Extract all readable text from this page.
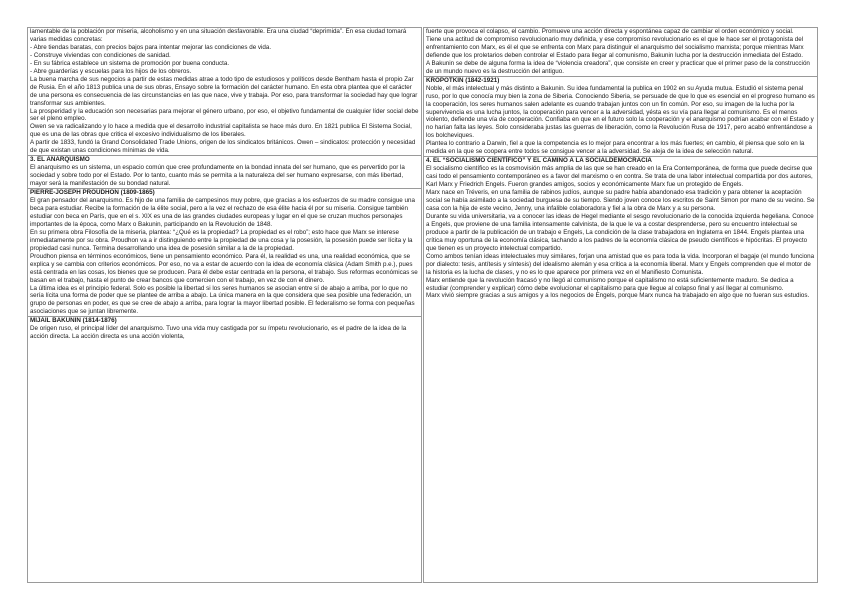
lamentable de la población por miseria, alcoholismo y en una situación desfavorable. Era una ciudad “deprimida”. En esa ciudad tomará varias medidas concretas:

- Abre tiendas baratas, con precios bajos para intentar mejorar las condiciones de vida.

- Construye viviendas con condiciones de sanidad.

- En su fábrica establece un sistema de promoción por buena conducta.

- Abre guarderías y escuelas para los hijos de los obreros.

La buena marcha de sus negocios a partir de estas medidas atrae a todo tipo de estudiosos y políticos desde Bentham hasta el propio Zar de Rusia. En el año 1813 publica una de sus obras, Ensayo sobre la formación del carácter humano. En esta obra plantea que el carácter de una persona es consecuencia de las circunstancias en las que nace, vive y trabaja. Por eso, para transformar la sociedad hay que lograr transformar sus ambientes.

La prosperidad y la educación son necesarias para mejorar el género urbano, por eso, el objetivo fundamental de cualquier líder social debe ser el pleno empleo.

Owen se va radicalizando y lo hace a medida que el desarrollo industrial capitalista se hace más duro. En 1821 publica El Sistema Social, que es una de las obras que critica el excesivo individualismo de los liberales.

A partir de 1833, fundó la Grand Consolidated Trade Unions, origen de los sindicatos británicos. Owen – sindicatos: protección y necesidad de que existan unas condiciones mínimas de vida.

3. EL ANARQUISMO

El anarquismo es un sistema, un espacio común que cree profundamente en la bondad innata del ser humano, que es pervertido por la sociedad y sobre todo por el Estado. Por lo tanto, cuanto más se permita a la naturaleza del ser humano expresarse, con más libertad, mayor será la manifestación de su bondad natural.

PIERRE-JOSEPH PROUDHON (1809-1865)

El gran pensador del anarquismo. Es hijo de una familia de campesinos muy pobre, que gracias a los esfuerzos de su madre consigue una beca para estudiar. Recibe la formación de la élite social, pero a la vez el rechazo de esa élite hacia él por su miseria. Consigue también estudiar con beca en París, que en el s. XIX es una de las grandes ciudades europeas y lugar en el que se cruzan muchos personajes importantes de la época, como Marx o Bakunin, participando en la Revolución de 1848.

En su primera obra Filosofía de la miseria, plantea: “¿Qué es la propiedad? La propiedad es el robo”; esto hace que Marx se interese inmediatamente por su obra. Proudhon va a ir distinguiendo entre la propiedad de una cosa y la posesión, la posesión puede ser lícita y la propiedad casi nunca. Termina desarrollando una idea de posesión similar a la de la propiedad.

Proudhon piensa en términos económicos, tiene un pensamiento económico. Para él, la realidad es una, una realidad económica, que se explica y se cambia con criterios económicos. Por eso, no va a estar de acuerdo con la idea de economía clásica (Adam Smith p.e.), pues está centrada en las cosas, los bienes que se producen. Para él debe estar centrada en la persona, el trabajo. Sus reformas económicas se basan en el trabajo, hasta el punto de crear bancos que comercien con el trabajo, en vez de con el dinero.

La última idea es el principio federal. Solo es posible la libertad si los seres humanos se asocian entre sí de abajo a arriba, por lo que no sería lícita una forma de poder que se plantee de arriba a abajo. La única manera en la que considera que sea posible una federación, un grupo de personas en poder, es que se cree de abajo a arriba, para lograr la mayor libertad posible. El federalismo se forma con pequeñas asociaciones que se juntan libremente.

MIJAIL BAKUNIN (1814-1876)

De origen ruso, el principal líder del anarquismo. Tuvo una vida muy castigada por su ímpetu revolucionario, es el padre de la idea de la acción directa. La acción directa es una acción violenta,

fuerte que provoca el colapso, el cambio. Promueve una acción directa y espontánea capaz de cambiar el orden económico y social.

Tiene una actitud de compromiso revolucionario muy definida, y ese compromiso revolucionario es el que le hace ser el protagonista del enfrentamiento con Marx, es él el que se enfrenta con Marx para distinguir el anarquismo del socialismo marxista; porque mientras Marx defiende que los proletarios deben controlar el Estado para llegar al comunismo, Bakunin lucha por la destrucción inmediata del Estado.

A Bakunin se debe de alguna forma la idea de “violencia creadora”, que consiste en creer y practicar que el primer paso de la construcción de un mundo nuevo es la destrucción del antiguo.

KROPOTKIN (1842-1921)

Noble, el más intelectual y más distinto a Bakunin. Su idea fundamental la publica en 1902 en su Ayuda mutua. Estudió el sistema penal ruso, por lo que conocía muy bien la zona de Siberia. Conociendo Siberia, se persuade de que lo que es esencial en el progreso humano es la cooperación, los seres humanos salen adelante es cuando trabajan juntos con un fin común. Por eso, su imagen de la lucha por la supervivencia es una lucha juntos, la cooperación para vencer a la adversidad, yésta es su vía para llegar al comunismo. Es el menos violento, defiende una vía de cooperación. Confiaba en que en el futuro solo la cooperación y el anarquismo podrían acabar con el Estado y no harían falta las leyes. Solo consideraba justas las guerras de liberación, como la Revolución Rusa de 1917, pero acabó enfrentándose a los bolcheviques.

Plantea lo contrario a Darwin, fiel a que la competencia es lo mejor para encontrar a los más fuertes; en cambio, él piensa que solo en la medida en la que se coopera entre todos se consigue vencer a la adversidad. Se aleja de la idea de selección natural.

4. EL “SOCIALISMO CIENTÍFICO” Y EL CAMINO A LA SOCIALDEMOCRACIA

El socialismo científico es la cosmovisión más amplia de las que se han creado en la Era Contemporánea, de forma que puede decirse que casi todo el pensamiento contemporáneo es a favor del marxismo o en contra. Se trata de una labor intelectual compartida por dos autores, Karl Marx y Friedrich Engels. Fueron grandes amigos, socios y económicamente Marx fue un protegido de Engels.

Marx nace en Tréveris, en una familia de rabinos judíos, aunque su padre había abandonado esa tradición y para obtener la aceptación social se había asimilado a la sociedad burguesa de su tiempo. Siendo joven conoce los escritos de Saint Simon por mano de su vecino. Se casa con la hija de este vecino, Jenny, una infalible colaboradora y fiel a la obra de Marx y a su persona.

Durante su vida universitaria, va a conocer las ideas de Hegel mediante el sesgo revolucionario de la conocida izquierda hegeliana. Conoce a Engels, que proviene de una familia intensamente calvinista, de la que le va a costar desprenderse, pero su encuentro intelectual se produce a partir de la publicación de un trabajo e Engels, La condición de la clase trabajadora en Inglaterra en 1844. Engels plantea una crítica muy oportuna de la economía clásica, tachando a los padres de la economía clásica de pseudo científicos e hipócritas. El proyecto que tienen es un proyecto intelectual compartido.

Como ambos tenían ideas intelectuales muy similares, forjan una amistad que es para toda la vida. Incorporan el bagaje (el mundo funciona por dialecto: tesis, antítesis y síntesis) del idealismo alemán y esa crítica a la economía liberal. Marx y Engels comprenden que el motor de la historia es la lucha de clases, y no es lo que aparece por primera vez en el Manifiesto Comunista.

Marx entiende que la revolución fracasó y no llegó al comunismo porque el capitalismo no está suficientemente maduro. Se dedica a estudiar (comprender y explicar) cómo debe evolucionar el capitalismo para que llegue al colapso final y así llegar al comunismo.

Marx vivió siempre gracias a sus amigos y a los negocios de Engels, porque Marx nunca ha trabajado en algo que no fueran sus estudios.
